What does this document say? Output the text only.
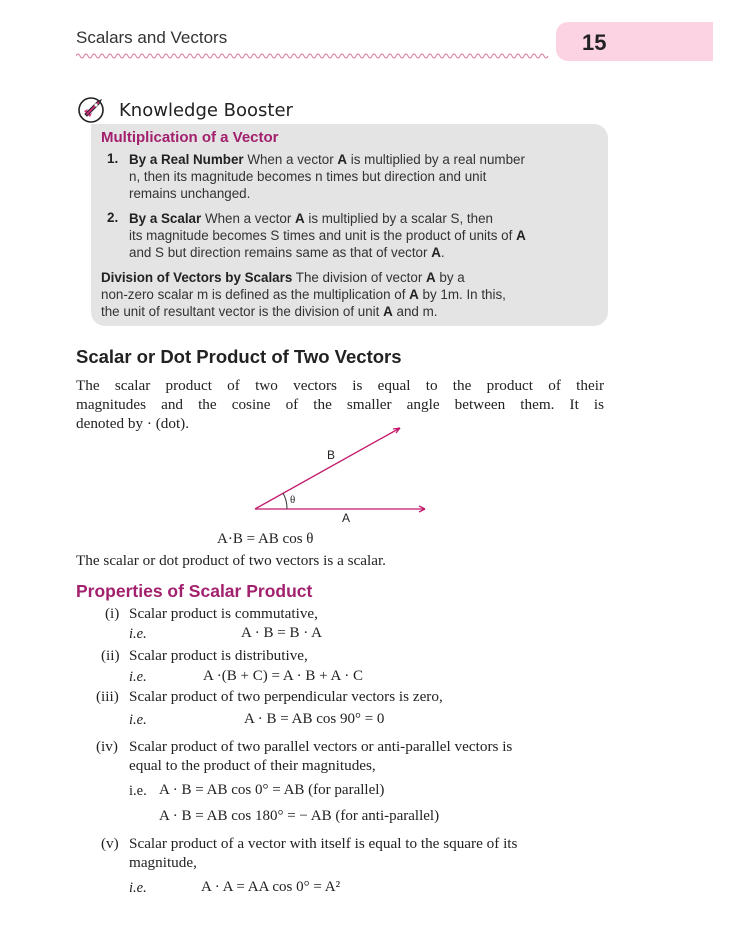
Scalars and Vectors	15
Knowledge Booster
Multiplication of a Vector
1. By a Real Number When a vector A is multiplied by a real number
n, then its magnitude becomes n times but direction and unit
remains unchanged.
2. By a Scalar When a vector A is multiplied by a scalar S, then
its magnitude becomes S times and unit is the product of units of A
and S but direction remains same as that of vector A.
Division of Vectors by Scalars The division of vector A by a
non-zero scalar m is defined as the multiplication of A by 1m. In this,
the unit of resultant vector is the division of unit A and m.
Scalar or Dot Product of Two Vectors
The scalar product of two vectors is equal to the product of their
magnitudes and the cosine of the smaller angle between them. It is
denoted by · (dot).
B
A
θ
A·B = AB cos θ
The scalar or dot product of two vectors is a scalar.
Properties of Scalar Product
(i) Scalar product is commutative,
i.e.	A · B = B · A
(ii) Scalar product is distributive,
i.e.	A ·(B + C) = A · B + A · C
(iii) Scalar product of two perpendicular vectors is zero,
i.e.	A · B = AB cos 90° = 0
(iv) Scalar product of two parallel vectors or anti-parallel vectors is
equal to the product of their magnitudes,
i.e. A · B = AB cos 0° = AB (for parallel)
A · B = AB cos 180° = − AB (for anti-parallel)
(v) Scalar product of a vector with itself is equal to the square of its
magnitude,
i.e.	A · A = AA cos 0° = A²
